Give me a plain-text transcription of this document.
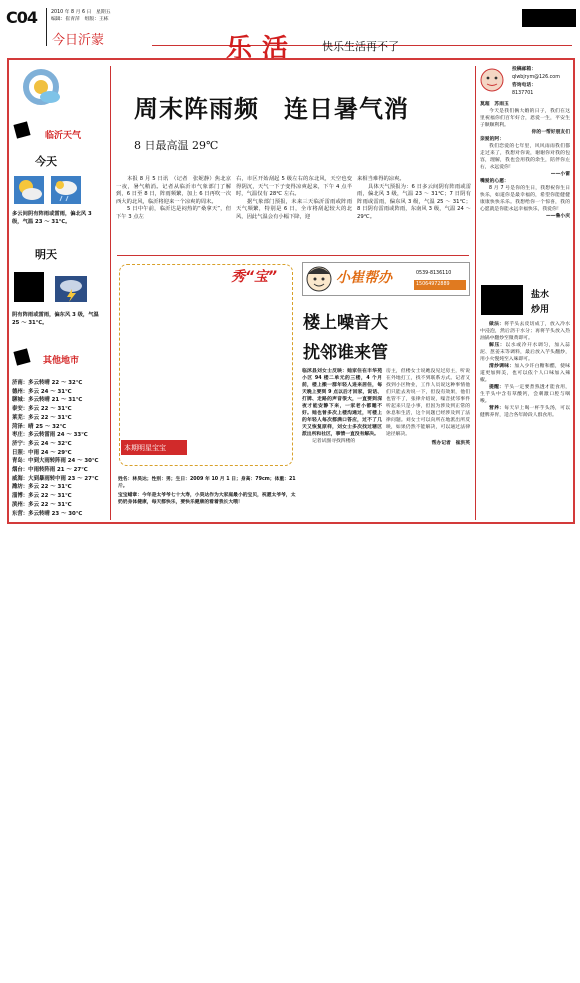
C04	2010 年 8 月 6 日　星期五
编辑：崔青萍　组版：王栋
今日沂蒙	乐活 快乐生活再不了
临沂天气
今天
多云间阴有阵雨或雷雨，偏北风 3 级，气温 23 ～ 31℃。
明天
阴有阵雨或雷雨，偏东风 3 级，气温 25 ～ 31℃。
其他地市
济南：多云转晴 22 ～ 32℃
德州：多云 24 ～ 31℃
聊城：多云转晴 21 ～ 31℃
泰安：多云 22 ～ 31℃
莱芜：多云 22 ～ 31℃
菏泽：晴 25 ～ 32℃
枣庄：多云转雷雨 24 ～ 33℃
济宁：多云 24 ～ 32℃
日照：中雨 24 ～ 29℃
青岛：中到大雨转阵雨 24 ～ 30℃
烟台：中雨转阵雨 21 ～ 27℃
威海：大到暴雨转中雨 23 ～ 27℃
潍坊：多云 22 ～ 31℃
淄博：多云 22 ～ 31℃
滨州：多云 22 ～ 31℃
东营：多云转晴 23 ～ 30℃
周末阵雨频　连日暑气消
8 日最高温 29℃

本报 8 月 5 日讯　（记者　张妮静）焦北京一夜，暑气稍消。记者从临沂市气象部门了解到，6 日至 8 日，阵雨频繁，加上 6 日再吹一次西大的北风，临沂将迎来一个凉爽的周末。

5 日中午前，临沂达是闷热的“桑拿天”，但下午 3 点左

右，市区开始刮起 5 级左右的东北风，天空也变得阴沉，天气一下子变得凉爽起来，下午 4 点半时，气温仅有 28℃ 左右。

据气象部门预报，未来三天临沂雷雨或阵雨天气频繁，特别是 6 日，全市将刮起较大的北风，因此气温会有小幅下降，迎

来相当难得的凉爽。

具体天气预报为：6 日多云间阴有阵雨或雷雨，偏北风 3 级，气温 23 ～ 31℃；7 日阴有阵雨或雷雨，偏东风 3 级，气温 25 ～ 31℃；8 日阴有雷雨或阵雨，东南风 3 级，气温 24 ～ 29℃。

秀“宝”
本期明星宝宝
姓名：林昊达；性别：男；生日：2009 年 10 月 1 日；身高：79cm；体重：21 斤。
宝宝蜡章：今年是太爷爷七十大寿，小昊达作为大家庭最小的宝贝，祝愿太爷爷，太奶奶身体健康，每天都快乐，要快乐健康的看着我长大哦！
小崔帮办	0539-8136110
15064972889
楼上噪音大
扰邻谁来管

临沭县刘女士反映：她家住在丰华苑小区 94 楼二单元的三楼，4 个月前，楼上搬一群年轻人进来居住，每天晚上要到 9 点以后才回家，说话、打牌、走路的声音很大，一直要到深夜才能安静下来，一家老小都睡不好。她也曾多次上楼沟通过，可楼上的年轻人每次都满口答应，过不了几天又恢复原样，刘女士多次找过辖区派出所和社区，事情一直没有解决。

记者试图寻找四楼的

房主，但楼女士说她没见过房主，听说在外地打工，找不到联系方式。记者又找到小区物业，工作人员说这种事情他们只能去劝说一下，但没有效果，他们也管不了，张律介绍说，噪音扰邻事件听起来只是小事，但因为涉及到正常的休息和生活，这个问题已经涉及到了法律问题。刘女士可以向所在地派出所反映，如果仍然不能解决，可以通过法律途径解决。

帮办记者　崔洪英

投稿邮箱：
qlwbjrym@126.com
咨询电话：
8137701

莫超　苏雨玉

今天是我们俩大婚的日子，我们在这里祝福你们百年好合，恩爱一生，平安生子顺顺利利。

你的一帮好朋友们

亲爱的阿：

我们恋爱的七年里，风风雨雨我们都走过来了，我想对你说，谢谢你对我的包容，理解，我也会用我的余生，陪伴你左右，永远爱你！

——小雷

嘴爱的心愿：

8 月 7 号是你的生日，我想祝你生日快乐，如道你是最幸福的，希望你能健健康康快快乐乐。我想给你一个惊喜，我的心愿就是你能永远幸福快乐，我爱你！

——鲁小庆

盐水
炒用

做法：将芋头去皮切成丁，放入冷水中浸泡，然后沥干水分；再将芋头放入热油锅中翻炒至微黄即可。

解压：以水或冷开水调匀，加入蒜泥、葱姜末等调料，最后放入芋头翻炒，用小火慢炖至入味即可。

清炒调味：加入少许白糖和醋，使味道更加鲜美，也可以依个人口味加入辣椒。

提醒：芋头一定要煮熟透才能食用，生芋头中含有草酸钙，会刺激口腔与咽喉。

营养：每天早上喝一杯芋头汤，可以健脾养胃，适合各年龄段人群食用。
